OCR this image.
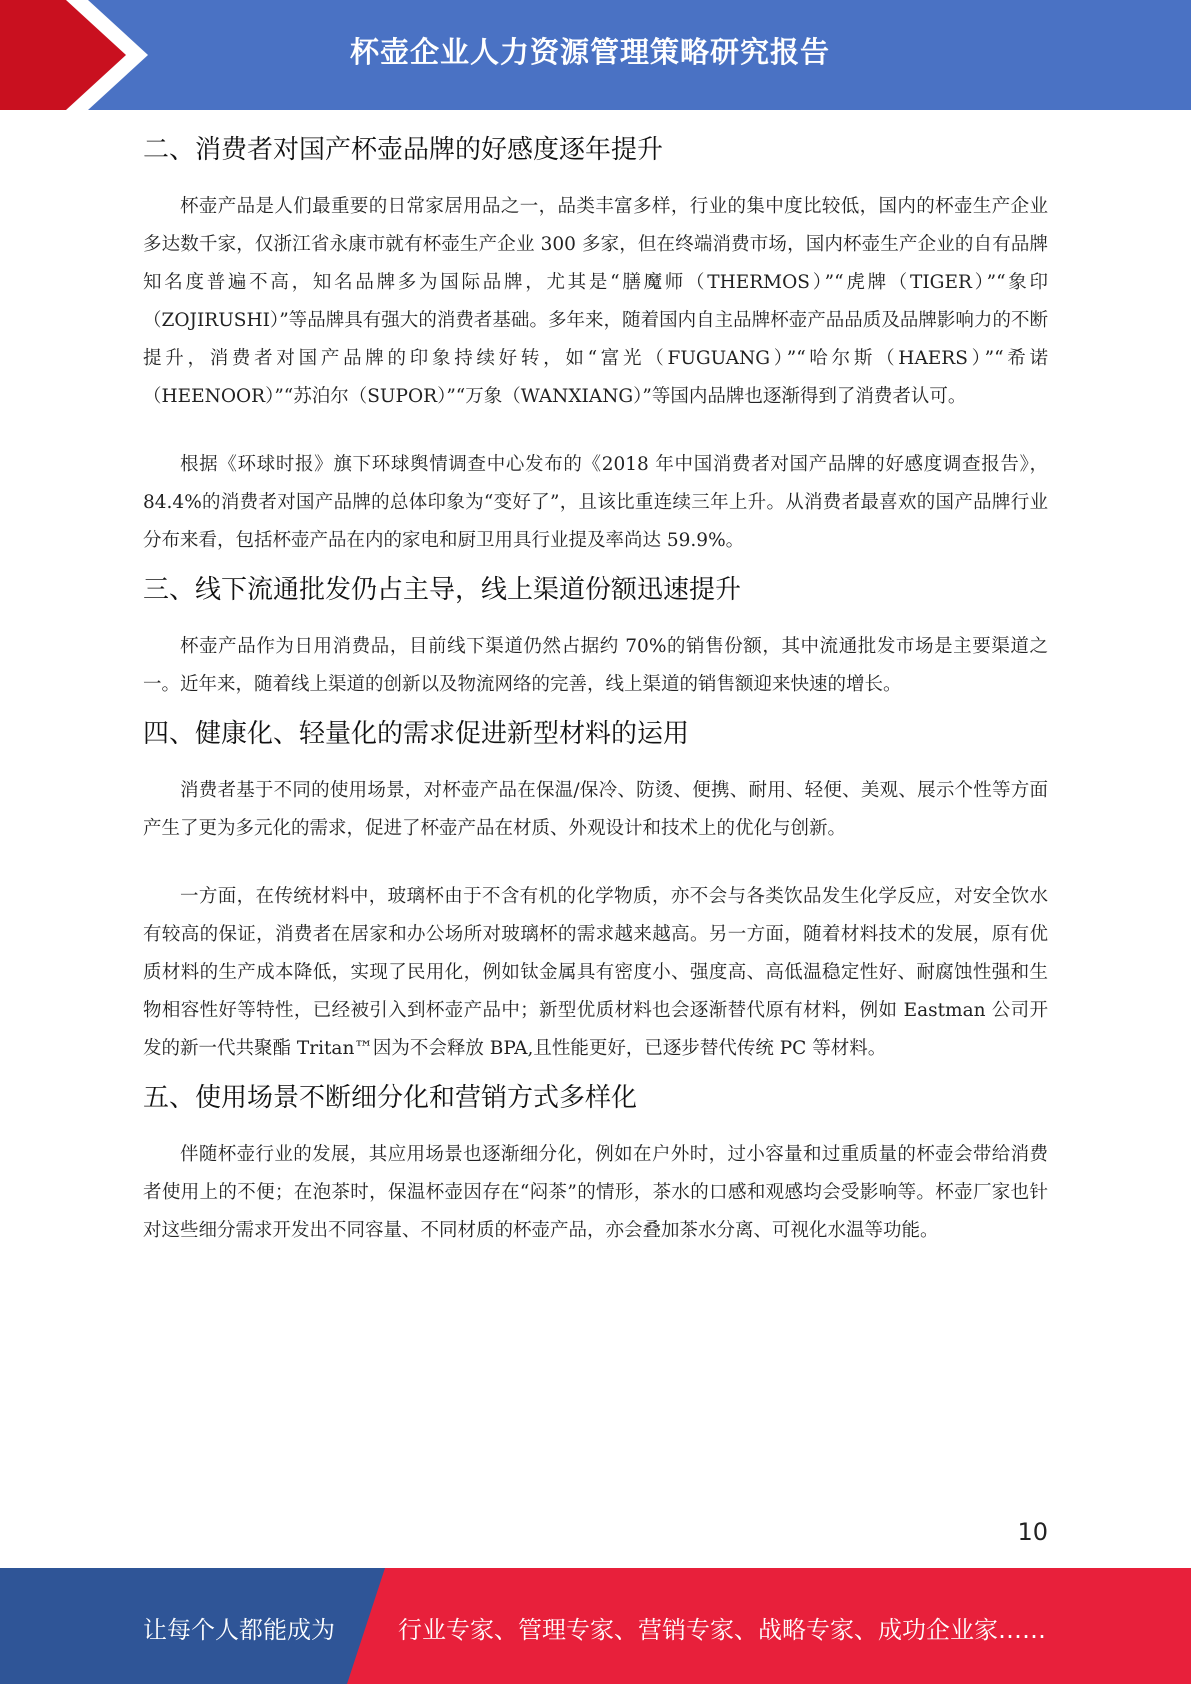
杯壶企业人力资源管理策略研究报告
二、消费者对国产杯壶品牌的好感度逐年提升

杯壶产品是人们最重要的日常家居用品之一，品类丰富多样，行业的集中度比较低，国内的杯壶生产企业多达数千家，仅浙江省永康市就有杯壶生产企业 300 多家，但在终端消费市场，国内杯壶生产企业的自有品牌知名度普遍不高，知名品牌多为国际品牌，尤其是“膳魔师（THERMOS）”“虎牌（TIGER）”“象印（ZOJIRUSHI）”等品牌具有强大的消费者基础。多年来，随着国内自主品牌杯壶产品品质及品牌影响力的不断提升，消费者对国产品牌的印象持续好转，如“富光（FUGUANG）”“哈尔斯（HAERS）”“希诺（HEENOOR）”“苏泊尔（SUPOR）”“万象（WANXIANG）”等国内品牌也逐渐得到了消费者认可。

根据《环球时报》旗下环球舆情调查中心发布的《2018 年中国消费者对国产品牌的好感度调查报告》，84.4%的消费者对国产品牌的总体印象为“变好了”，且该比重连续三年上升。从消费者最喜欢的国产品牌行业分布来看，包括杯壶产品在内的家电和厨卫用具行业提及率尚达 59.9%。

三、线下流通批发仍占主导，线上渠道份额迅速提升

杯壶产品作为日用消费品，目前线下渠道仍然占据约 70%的销售份额，其中流通批发市场是主要渠道之一。近年来，随着线上渠道的创新以及物流网络的完善，线上渠道的销售额迎来快速的增长。

四、健康化、轻量化的需求促进新型材料的运用

消费者基于不同的使用场景，对杯壶产品在保温/保冷、防烫、便携、耐用、轻便、美观、展示个性等方面产生了更为多元化的需求，促进了杯壶产品在材质、外观设计和技术上的优化与创新。

一方面，在传统材料中，玻璃杯由于不含有机的化学物质，亦不会与各类饮品发生化学反应，对安全饮水有较高的保证，消费者在居家和办公场所对玻璃杯的需求越来越高。另一方面，随着材料技术的发展，原有优质材料的生产成本降低，实现了民用化，例如钛金属具有密度小、强度高、高低温稳定性好、耐腐蚀性强和生物相容性好等特性，已经被引入到杯壶产品中；新型优质材料也会逐渐替代原有材料，例如 Eastman 公司开发的新一代共聚酯 Tritan™因为不会释放 BPA,且性能更好，已逐步替代传统 PC 等材料。

五、使用场景不断细分化和营销方式多样化

伴随杯壶行业的发展，其应用场景也逐渐细分化，例如在户外时，过小容量和过重质量的杯壶会带给消费者使用上的不便；在泡茶时，保温杯壶因存在“闷茶”的情形，茶水的口感和观感均会受影响等。杯壶厂家也针对这些细分需求开发出不同容量、不同材质的杯壶产品，亦会叠加茶水分离、可视化水温等功能。

10
让每个人都能成为	行业专家、管理专家、营销专家、战略专家、成功企业家……
